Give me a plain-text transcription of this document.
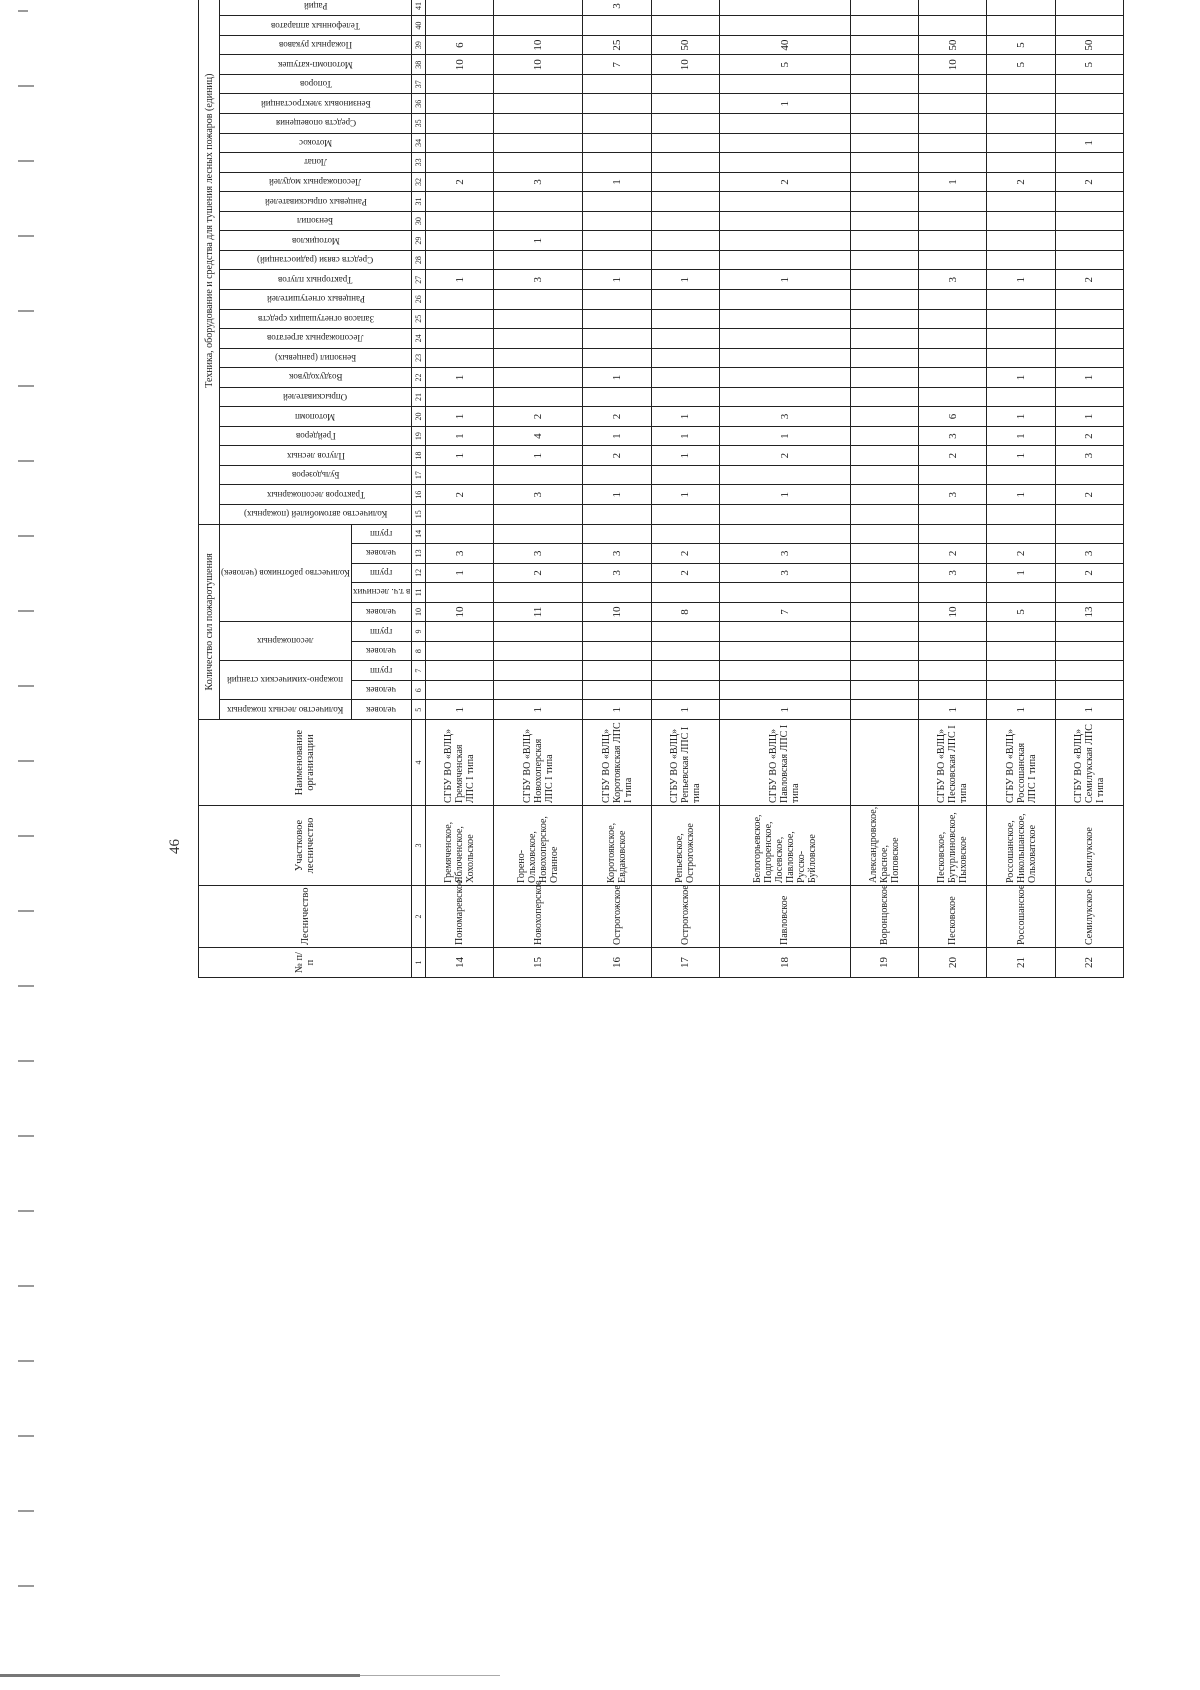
46
№ п/п	Лесничество	Участковое лесничество	Наименование организации	Количество сил пожаротушения										Техника, оборудование и средства для тушения лесных пожаров (единиц)																													

				Количество лесных пожарных	пожарно-химических станций		лесопожарных		Количество работников (человек)					Количество автомобилей (пожарных)	Тракторов лесопожарных	Бульдозеров	Плугов лесных	Грейдеров	Мотопомп	Опрыскивателей	Воздуходувок	Бензопил (ранцевых)	Лесопожарных агрегатов	Запасов огнетушащих средств	Ранцевых огнетушителей	Тракторных плугов	Средств связи (радиостанций)	Мотоциклов	Бензопил	Ранцевых опрыскивателей	Лесопожарных модулей	Лопат	Мотокос	Средств оповещения	Бензиновых электростанций	Топоров	Мотопомп-катушек	Пожарных рукавов	Телефонных аппаратов	Раций

				человек	человек	групп	человек	групп	человек	в т.ч. лесничих	групп	человек	групп																														

1	2	3	4	5	6	7	8	9	10	11	12	13	14	15	16	17	18	19	20	21	22	23	24	25	26	27	28	29	30	31	32	33	34	35	36	37	38	39	40	41			
14	Пономаревское	Гремяченское, Яблоченское, Хохольское	СГБУ ВО «ВЛЦ» Гремяченская ЛПС I типа	1					10		1	3			2		1	1	1		1					1					2						10	6					
15	Новохоперское	Горено-Ольховское, Новохоперское, Отанное	СГБУ ВО «ВЛЦ» Новохоперская ЛПС I типа	1					11		2	3			3		1	4	2							3		1			3						10	10					
16	Острогожское	Коротоякское, Евдаковское	СГБУ ВО «ВЛЦ» Коротоякская ЛПС I типа	1					10		3	3			1		2	1	2		1					1					1						7	25		3			
17	Острогожское	Репьевское, Острогожское	СГБУ ВО «ВЛЦ» Репьевская ЛПС I типа	1					8		2	2			1		1	1	1							1											10	50					
18	Павловское	Белогорьевское, Подгоренское, Лосевское, Павловское, Русско-Буйловское	СГБУ ВО «ВЛЦ» Павловская ЛПС I типа	1					7		3	3			1		2	1	3							1					2				1		5	40					
19	Воронцовское	Александровское, Красное, Поповское																																									
20	Песковское	Песковское, Бутурлиновское, Пыховское	СГБУ ВО «ВЛЦ» Песковская ЛПС I типа	1					10		3	2			3		2	3	6							3					1						10	50					
21	Россошанское	Россошанское, Никольшанское, Ольховатское	СГБУ ВО «ВЛЦ» Россошанская ЛПС I типа	1					5		1	2			1		1	1	1		1					1					2						5	5					
22	Семилукское	Семилукское	СГБУ ВО «ВЛЦ» Семилукская ЛПС I типа	1					13		2	3			2		3	2	1		1					2					2		1				5	50					
